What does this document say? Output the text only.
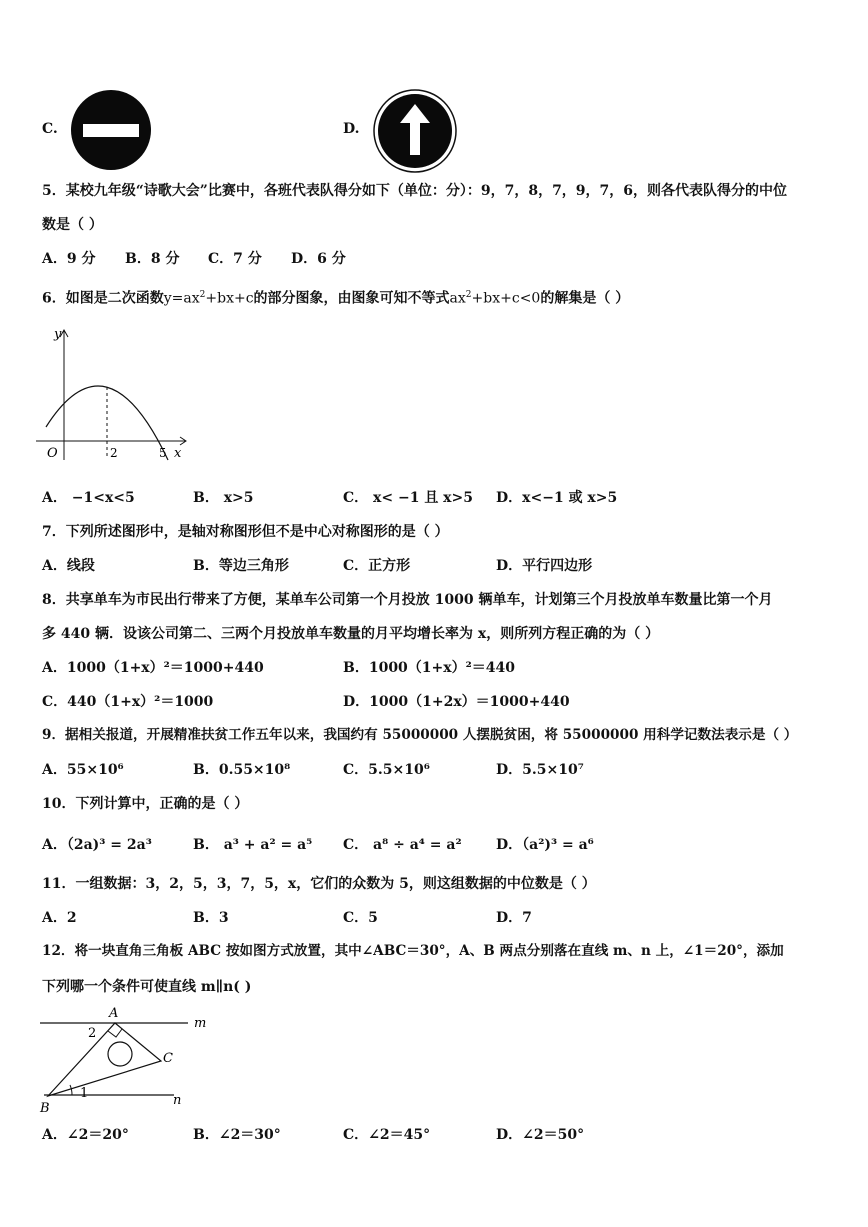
C.	D.
5．某校九年级“诗歌大会”比赛中，各班代表队得分如下（单位：分）：9，7，8，7，9，7，6，则各代表队得分的中位
数是（ ）
A．9 分 B．8 分 C．7 分 D．6 分
6．如图是二次函数$y=ax^2+bx+c$的部分图象，由图象可知不等式$ax^2+bx+c<0$的解集是（ ）
y
O	2	5 x
A． −1<x<5	B． x>5	C． x< −1 且 x>5 D．x<−1 或 x>5
7．下列所述图形中，是轴对称图形但不是中心对称图形的是（ ）
A．线段	B．等边三角形	C．正方形	D．平行四边形
8．共享单车为市民出行带来了方便，某单车公司第一个月投放 1000 辆单车，计划第三个月投放单车数量比第一个月
多 440 辆．设该公司第二、三两个月投放单车数量的月平均增长率为 x，则所列方程正确的为（ ）
A．1000（1+x）²＝1000+440	B．1000（1+x）²＝440
C．440（1+x）²＝1000	D．1000（1+2x）＝1000+440
9．据相关报道，开展精准扶贫工作五年以来，我国约有 55000000 人摆脱贫困，将 55000000 用科学记数法表示是（ ）
A．55×10⁶	B．0.55×10⁸	C．5.5×10⁶	D．5.5×10⁷
10．下列计算中，正确的是（ ）
A．（2a)³ = 2a³	B． a³ + a² = a⁵ C． a⁸ ÷ a⁴ = a² D．（a²)³ = a⁶
11．一组数据：3，2，5，3，7，5，x，它们的众数为 5，则这组数据的中位数是（ ）
A．2	B．3	C．5	D．7
12．将一块直角三角板 ABC 按如图方式放置，其中∠ABC＝30°，A、B 两点分别落在直线 m、n 上，∠1＝20°，添加
下列哪一个条件可使直线 m∥n( )
A
m
2
C
1
B
n
A．∠2＝20°	B．∠2＝30°	C．∠2＝45°	D．∠2＝50°
